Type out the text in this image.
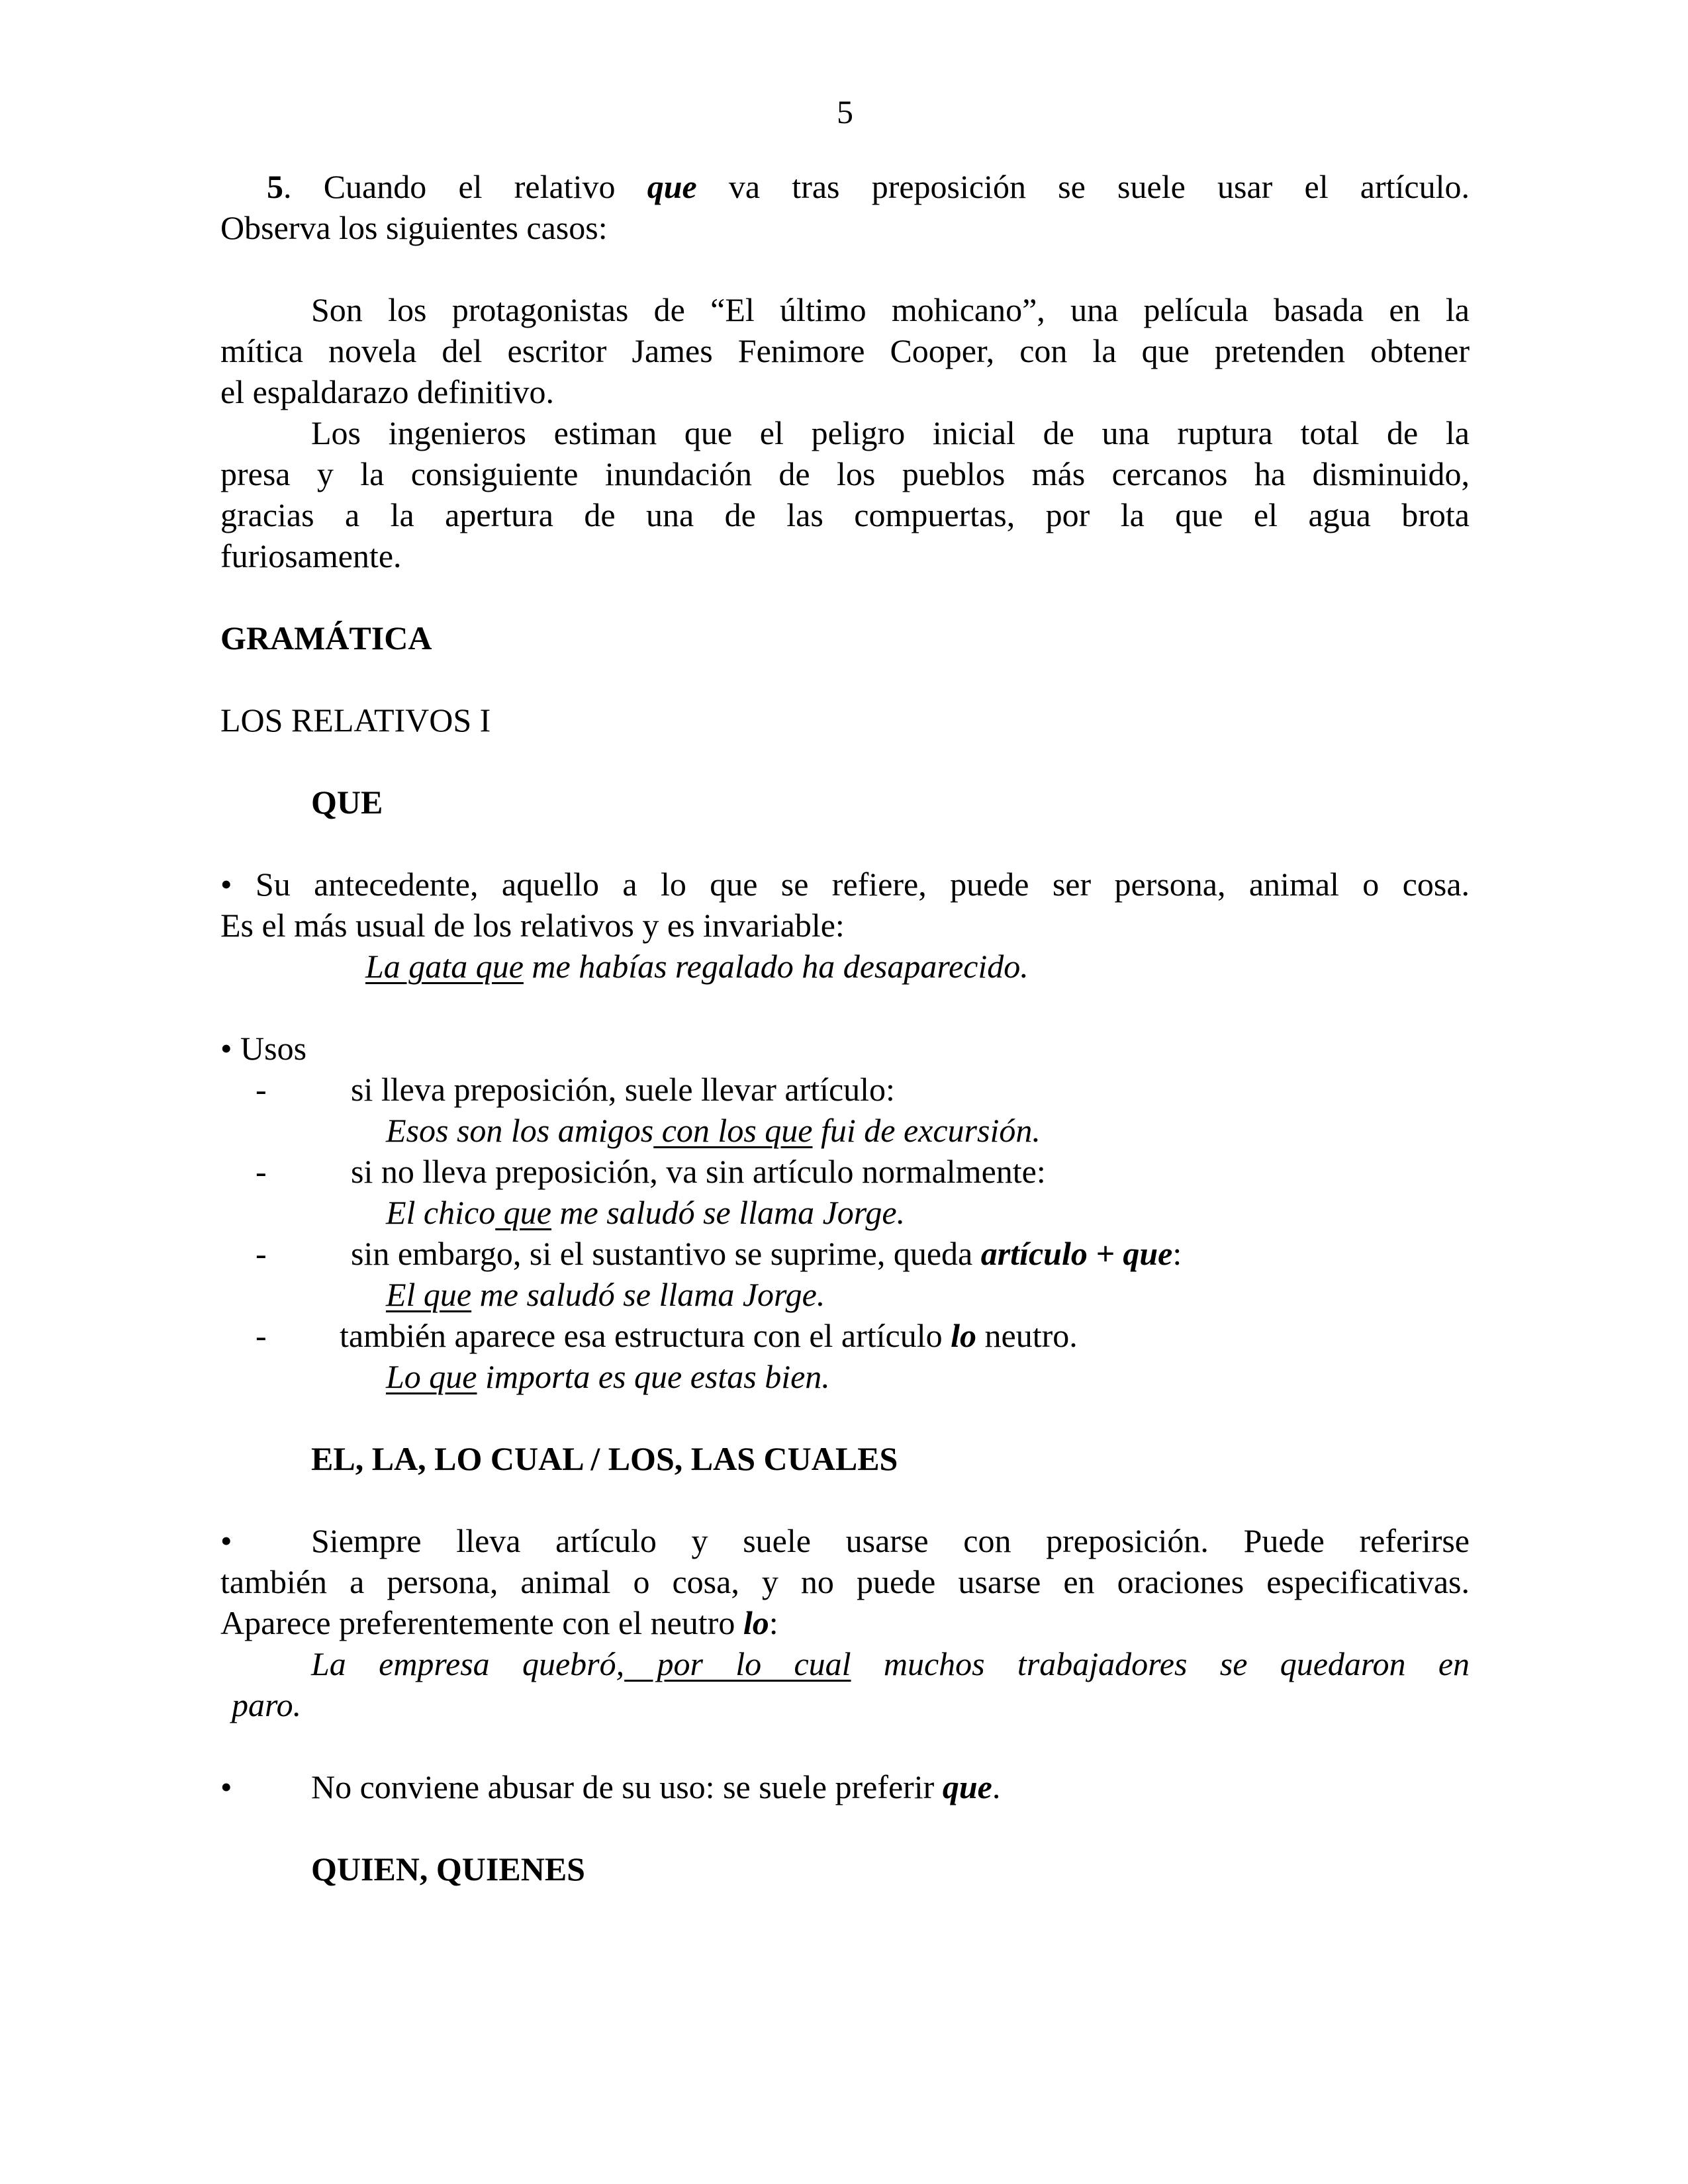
5
5. Cuando el relativo que va tras preposición se suele usar el artículo.
Observa los siguientes casos:
Son los protagonistas de “El último mohicano”, una película basada en la
mítica novela del escritor James Fenimore Cooper, con la que pretenden obtener
el espaldarazo definitivo.
Los ingenieros estiman que el peligro inicial de una ruptura total de la
presa y la consiguiente inundación de los pueblos más cercanos ha disminuido,
gracias a la apertura de una de las compuertas, por la que el agua brota
furiosamente.
GRAMÁTICA
LOS RELATIVOS I
QUE
• Su antecedente, aquello a lo que se refiere, puede ser persona, animal o cosa.
Es el más usual de los relativos y es invariable:
La gata que me habías regalado ha desaparecido.
• Usos
-	si lleva preposición, suele llevar artículo:
Esos son los amigos con los que fui de excursión.
-	si no lleva preposición, va sin artículo normalmente:
El chico que me saludó se llama Jorge.
-	sin embargo, si el sustantivo se suprime, queda artículo + que:
El que me saludó se llama Jorge.
-	también aparece esa estructura con el artículo lo neutro.
Lo que importa es que estas bien.
EL, LA, LO CUAL / LOS, LAS CUALES
•	Siempre lleva artículo y suele usarse con preposición. Puede referirse
también a persona, animal o cosa, y no puede usarse en oraciones especificativas.
Aparece preferentemente con el neutro lo:
La empresa quebró, por lo cual muchos trabajadores se quedaron en
paro.
•	No conviene abusar de su uso: se suele preferir que.
QUIEN, QUIENES
